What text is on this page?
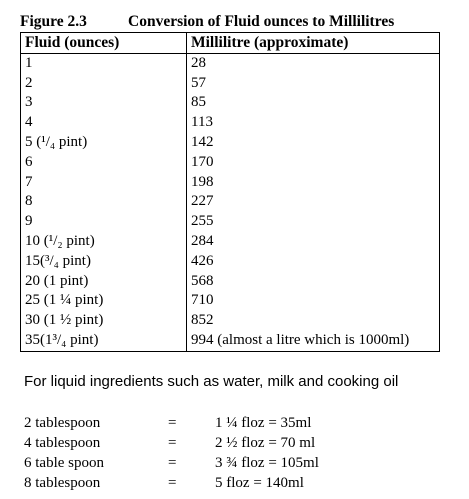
Figure 2.3	Conversion of Fluid ounces to Millilitres
Fluid (ounces)	Millilitre (approximate)
1	28
2	57
3	85
4	113
5 (¹/₄ pint)	142
6	170
7	198
8	227
9	255
10 (¹/₂ pint)	284
15(³/₄ pint)	426
20 (1 pint)	568
25 (1 ¼ pint)	710
30 (1 ½ pint)	852
35(1³/₄ pint)	994 (almost a litre which is 1000ml)
For liquid ingredients such as water, milk and cooking oil
2 tablespoon	=	1 ¼ floz = 35ml
4 tablespoon	=	2 ½ floz = 70 ml
6 table spoon	=	3 ¾ floz = 105ml
8 tablespoon	=	5 floz = 140ml
